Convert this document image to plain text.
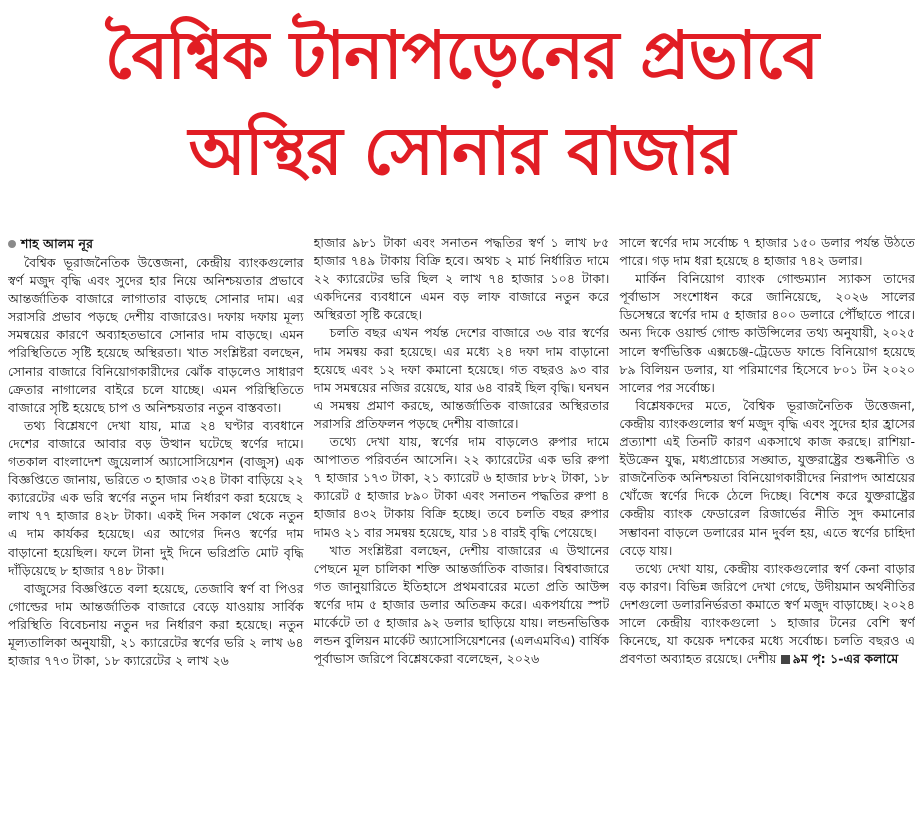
বৈশ্বিক টানাপড়েনের প্রভাবে
অস্থির সোনার বাজার
শাহ আলম নূর

বৈশ্বিক ভূরাজনৈতিক উত্তেজনা, কেন্দ্রীয় ব্যাংকগুলোর স্বর্ণ মজুদ বৃদ্ধি এবং সুদের হার নিয়ে অনিশ্চয়তার প্রভাবে আন্তর্জাতিক বাজারে লাগাতার বাড়ছে সোনার দাম। এর সরাসরি প্রভাব পড়ছে দেশীয় বাজারেও। দফায় দফায় মূল্য সমন্বয়ের কারণে অব্যাহতভাবে সোনার দাম বাড়ছে। এমন পরিস্থিতিতে সৃষ্টি হয়েছে অস্থিরতা। খাত সংশ্লিষ্টরা বলছেন, সোনার বাজারে বিনিয়োগকারীদের ঝোঁক বাড়লেও সাধারণ ক্রেতার নাগালের বাইরে চলে যাচ্ছে। এমন পরিস্থিতিতে বাজারে সৃষ্টি হয়েছে চাপ ও অনিশ্চয়তার নতুন বাস্তবতা।

তথ্য বিশ্লেষণে দেখা যায়, মাত্র ২৪ ঘণ্টার ব্যবধানে দেশের বাজারে আবার বড় উত্থান ঘটেছে স্বর্ণের দামে। গতকাল বাংলাদেশ জুয়েলার্স অ্যাসোসিয়েশন (বাজুস) এক বিজ্ঞপ্তিতে জানায়, ভরিতে ৩ হাজার ৩২৪ টাকা বাড়িয়ে ২২ ক্যারেটের এক ভরি স্বর্ণের নতুন দাম নির্ধারণ করা হয়েছে ২ লাখ ৭৭ হাজার ৪২৮ টাকা। একই দিন সকাল থেকে নতুন এ দাম কার্যকর হয়েছে। এর আগের দিনও স্বর্ণের দাম বাড়ানো হয়েছিল। ফলে টানা দুই দিনে ভরিপ্রতি মোট বৃদ্ধি দাঁড়িয়েছে ৮ হাজার ৭৪৮ টাকা।

বাজুসের বিজ্ঞপ্তিতে বলা হয়েছে, তেজাবি স্বর্ণ বা পিওর গোল্ডের দাম আন্তর্জাতিক বাজারে বেড়ে যাওয়ায় সার্বিক পরিস্থিতি বিবেচনায় নতুন দর নির্ধারণ করা হয়েছে। নতুন মূল্যতালিকা অনুযায়ী, ২১ ক্যারেটের স্বর্ণের ভরি ২ লাখ ৬৪ হাজার ৭৭৩ টাকা, ১৮ ক্যারেটের ২ লাখ ২৬

হাজার ৯৮১ টাকা এবং সনাতন পদ্ধতির স্বর্ণ ১ লাখ ৮৫ হাজার ৭৪৯ টাকায় বিক্রি হবে। অথচ ২ মার্চ নির্ধারিত দামে ২২ ক্যারেটের ভরি ছিল ২ লাখ ৭৪ হাজার ১০৪ টাকা। একদিনের ব্যবধানে এমন বড় লাফ বাজারে নতুন করে অস্থিরতা সৃষ্টি করেছে।

চলতি বছর এখন পর্যন্ত দেশের বাজারে ৩৬ বার স্বর্ণের দাম সমন্বয় করা হয়েছে। এর মধ্যে ২৪ দফা দাম বাড়ানো হয়েছে এবং ১২ দফা কমানো হয়েছে। গত বছরও ৯৩ বার দাম সমন্বয়ের নজির রয়েছে, যার ৬৪ বারই ছিল বৃদ্ধি। ঘনঘন এ সমন্বয় প্রমাণ করছে, আন্তর্জাতিক বাজারের অস্থিরতার সরাসরি প্রতিফলন পড়ছে দেশীয় বাজারে।

তথ্যে দেখা যায়, স্বর্ণের দাম বাড়লেও রুপার দামে আপাতত পরিবর্তন আসেনি। ২২ ক্যারেটের এক ভরি রুপা ৭ হাজার ১৭৩ টাকা, ২১ ক্যারেট ৬ হাজার ৮৮২ টাকা, ১৮ ক্যারেট ৫ হাজার ৮৯০ টাকা এবং সনাতন পদ্ধতির রুপা ৪ হাজার ৪৩২ টাকায় বিক্রি হচ্ছে। তবে চলতি বছর রুপার দামও ২১ বার সমন্বয় হয়েছে, যার ১৪ বারই বৃদ্ধি পেয়েছে।

খাত সংশ্লিষ্টরা বলছেন, দেশীয় বাজারের এ উত্থানের পেছনে মূল চালিকা শক্তি আন্তর্জাতিক বাজার। বিশ্ববাজারে গত জানুয়ারিতে ইতিহাসে প্রথমবারের মতো প্রতি আউন্স স্বর্ণের দাম ৫ হাজার ডলার অতিক্রম করে। একপর্যায়ে স্পট মার্কেটে তা ৫ হাজার ৯২ ডলার ছাড়িয়ে যায়। লন্ডনভিত্তিক লন্ডন বুলিয়ন মার্কেট অ্যাসোসিয়েশনের (এলএমবিএ) বার্ষিক পূর্বাভাস জরিপে বিশ্লেষকেরা বলেছেন, ২০২৬

সালে স্বর্ণের দাম সর্বোচ্চ ৭ হাজার ১৫০ ডলার পর্যন্ত উঠতে পারে। গড় দাম ধরা হয়েছে ৪ হাজার ৭৪২ ডলার।

মার্কিন বিনিয়োগ ব্যাংক গোল্ডম্যান স্যাকস তাদের পূর্বাভাস সংশোধন করে জানিয়েছে, ২০২৬ সালের ডিসেম্বরে স্বর্ণের দাম ৫ হাজার ৪০০ ডলারে পৌঁছাতে পারে। অন্য দিকে ওয়ার্ল্ড গোল্ড কাউন্সিলের তথ্য অনুযায়ী, ২০২৫ সালে স্বর্ণভিত্তিক এক্সচেঞ্জ-ট্রেডেড ফান্ডে বিনিয়োগ হয়েছে ৮৯ বিলিয়ন ডলার, যা পরিমাণের হিসেবে ৮০১ টন ২০২০ সালের পর সর্বোচ্চ।

বিশ্লেষকদের মতে, বৈশ্বিক ভূরাজনৈতিক উত্তেজনা, কেন্দ্রীয় ব্যাংকগুলোর স্বর্ণ মজুদ বৃদ্ধি এবং সুদের হার হ্রাসের প্রত্যাশা এই তিনটি কারণ একসাথে কাজ করছে। রাশিয়া-ইউক্রেন যুদ্ধ, মধ্যপ্রাচ্যের সঙ্ঘাত, যুক্তরাষ্ট্রের শুল্কনীতি ও রাজনৈতিক অনিশ্চয়তা বিনিয়োগকারীদের নিরাপদ আশ্রয়ের খোঁজে স্বর্ণের দিকে ঠেলে দিচ্ছে। বিশেষ করে যুক্তরাষ্ট্রের কেন্দ্রীয় ব্যাংক ফেডারেল রিজার্ভের নীতি সুদ কমানোর সম্ভাবনা বাড়লে ডলারের মান দুর্বল হয়, এতে স্বর্ণের চাহিদা বেড়ে যায়।

তথ্যে দেখা যায়, কেন্দ্রীয় ব্যাংকগুলোর স্বর্ণ কেনা বাড়ার বড় কারণ। বিভিন্ন জরিপে দেখা গেছে, উদীয়মান অর্থনীতির দেশগুলো ডলারনির্ভরতা কমাতে স্বর্ণ মজুদ বাড়াচ্ছে। ২০২৪ সালে কেন্দ্রীয় ব্যাংকগুলো ১ হাজার টনের বেশি স্বর্ণ কিনেছে, যা কয়েক দশকের মধ্যে সর্বোচ্চ। চলতি বছরও এ প্রবণতা অব্যাহত রয়েছে। দেশীয় ৯ম পৃ: ১-এর কলামে
